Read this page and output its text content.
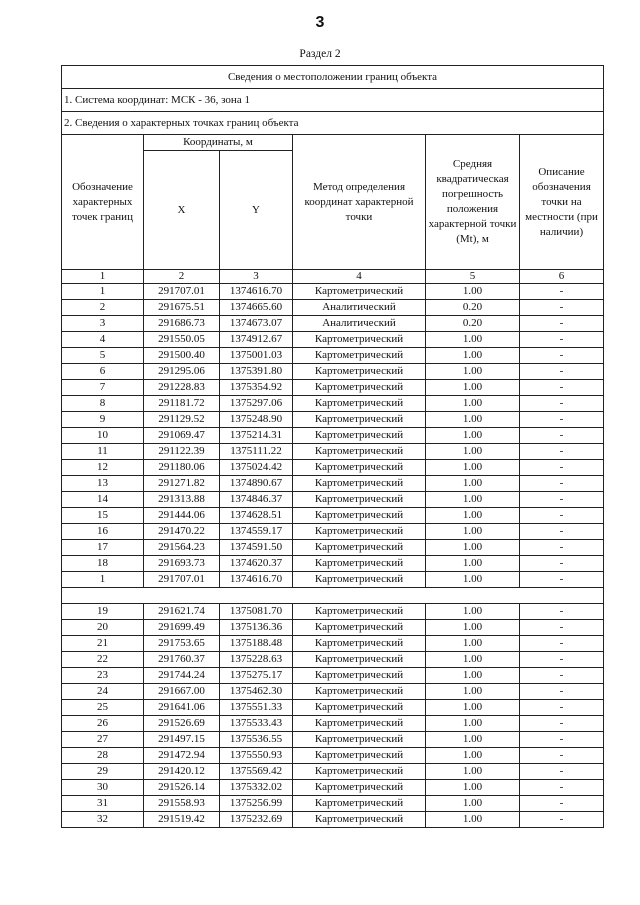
3
Раздел 2
Сведения о местоположении границ объекта					
1. Система координат: МСК - 36, зона 1					
2. Сведения о характерных точках границ объекта					
Обозначение характерных точек границ	Координаты, м		Метод определения координат характерной точки	Средняя квадратическая погрешность положения характерной точки (Mt), м	Описание обозначения точки на местности (при наличии)
	X	Y			
1	2	3	4	5	6
1	291707.01	1374616.70	Картометрический	1.00	-
2	291675.51	1374665.60	Аналитический	0.20	-
3	291686.73	1374673.07	Аналитический	0.20	-
4	291550.05	1374912.67	Картометрический	1.00	-
5	291500.40	1375001.03	Картометрический	1.00	-
6	291295.06	1375391.80	Картометрический	1.00	-
7	291228.83	1375354.92	Картометрический	1.00	-
8	291181.72	1375297.06	Картометрический	1.00	-
9	291129.52	1375248.90	Картометрический	1.00	-
10	291069.47	1375214.31	Картометрический	1.00	-
11	291122.39	1375111.22	Картометрический	1.00	-
12	291180.06	1375024.42	Картометрический	1.00	-
13	291271.82	1374890.67	Картометрический	1.00	-
14	291313.88	1374846.37	Картометрический	1.00	-
15	291444.06	1374628.51	Картометрический	1.00	-
16	291470.22	1374559.17	Картометрический	1.00	-
17	291564.23	1374591.50	Картометрический	1.00	-
18	291693.73	1374620.37	Картометрический	1.00	-
1	291707.01	1374616.70	Картометрический	1.00	-

19	291621.74	1375081.70	Картометрический	1.00	-
20	291699.49	1375136.36	Картометрический	1.00	-
21	291753.65	1375188.48	Картометрический	1.00	-
22	291760.37	1375228.63	Картометрический	1.00	-
23	291744.24	1375275.17	Картометрический	1.00	-
24	291667.00	1375462.30	Картометрический	1.00	-
25	291641.06	1375551.33	Картометрический	1.00	-
26	291526.69	1375533.43	Картометрический	1.00	-
27	291497.15	1375536.55	Картометрический	1.00	-
28	291472.94	1375550.93	Картометрический	1.00	-
29	291420.12	1375569.42	Картометрический	1.00	-
30	291526.14	1375332.02	Картометрический	1.00	-
31	291558.93	1375256.99	Картометрический	1.00	-
32	291519.42	1375232.69	Картометрический	1.00	-
